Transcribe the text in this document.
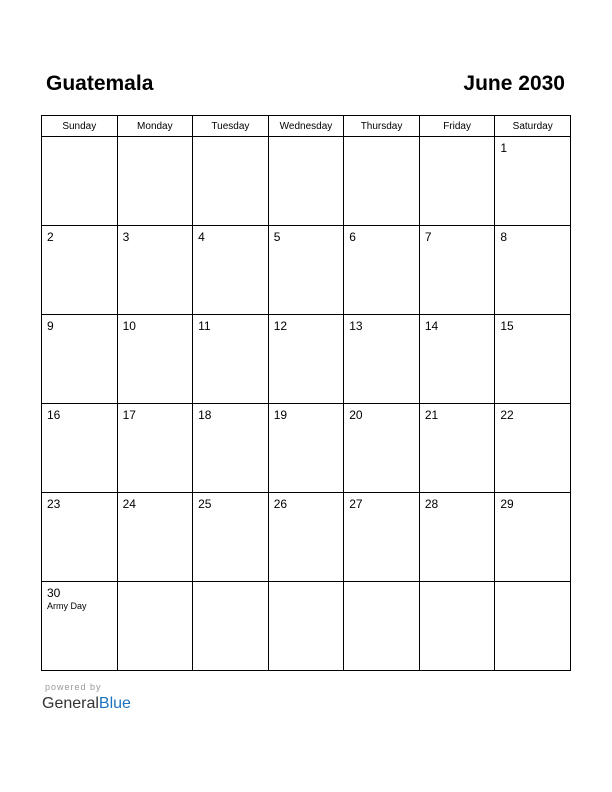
Guatemala	June 2030
Sunday	Monday	Tuesday	Wednesday	Thursday	Friday	Saturday

						1

2	3	4	5	6	7	8

9	10	11	12	13	14	15

16	17	18	19	20	21	22

23	24	25	26	27	28	29

30
Army Day						

powered by
GeneralBlue
